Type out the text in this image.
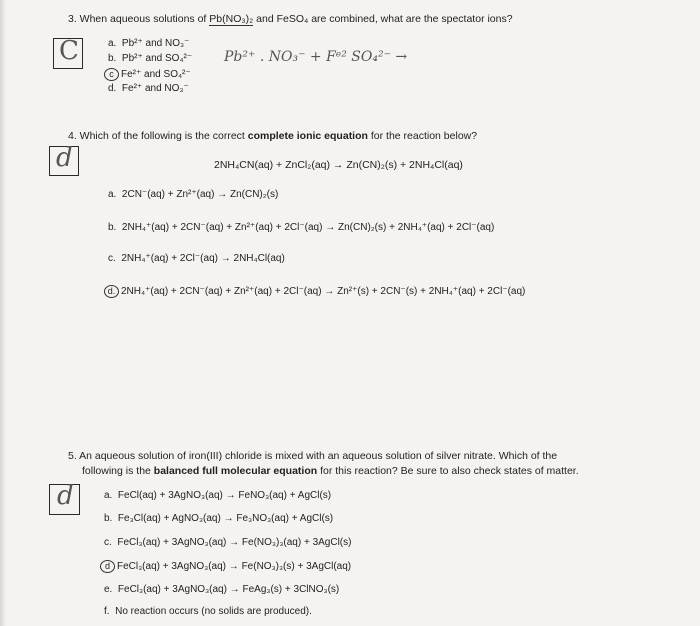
3. When aqueous solutions of Pb(NO₃)₂ and FeSO₄ are combined, what are the spectator ions?
C	a. Pb²⁺ and NO₃⁻
b. Pb²⁺ and SO₄²⁻
c Fe²⁺ and SO₄²⁻
d. Fe²⁺ and NO₃⁻
Pb²⁺ . NO₃⁻ + Fᵉ² SO₄²⁻ →
4. Which of the following is the correct complete ionic equation for the reaction below?
d	2NH₄CN(aq) + ZnCl₂(aq) → Zn(CN)₂(s) + 2NH₄Cl(aq)
a. 2CN⁻(aq) + Zn²⁺(aq) → Zn(CN)₂(s)
b. 2NH₄⁺(aq) + 2CN⁻(aq) + Zn²⁺(aq) + 2Cl⁻(aq) → Zn(CN)₂(s) + 2NH₄⁺(aq) + 2Cl⁻(aq)
c. 2NH₄⁺(aq) + 2Cl⁻(aq) → 2NH₄Cl(aq)
d. 2NH₄⁺(aq) + 2CN⁻(aq) + Zn²⁺(aq) + 2Cl⁻(aq) → Zn²⁺(s) + 2CN⁻(s) + 2NH₄⁺(aq) + 2Cl⁻(aq)
5. An aqueous solution of iron(III) chloride is mixed with an aqueous solution of silver nitrate. Which of the
following is the balanced full molecular equation for this reaction? Be sure to also check states of matter.
d	a. FeCl(aq) + 3AgNO₃(aq) → FeNO₃(aq) + AgCl(s)
b. Fe₃Cl(aq) + AgNO₃(aq) → Fe₃NO₃(aq) + AgCl(s)
c. FeCl₃(aq) + 3AgNO₃(aq) → Fe(NO₃)₃(aq) + 3AgCl(s)
d FeCl₃(aq) + 3AgNO₃(aq) → Fe(NO₃)₃(s) + 3AgCl(aq)
e. FeCl₃(aq) + 3AgNO₃(aq) → FeAg₃(s) + 3ClNO₃(s)
f. No reaction occurs (no solids are produced).
